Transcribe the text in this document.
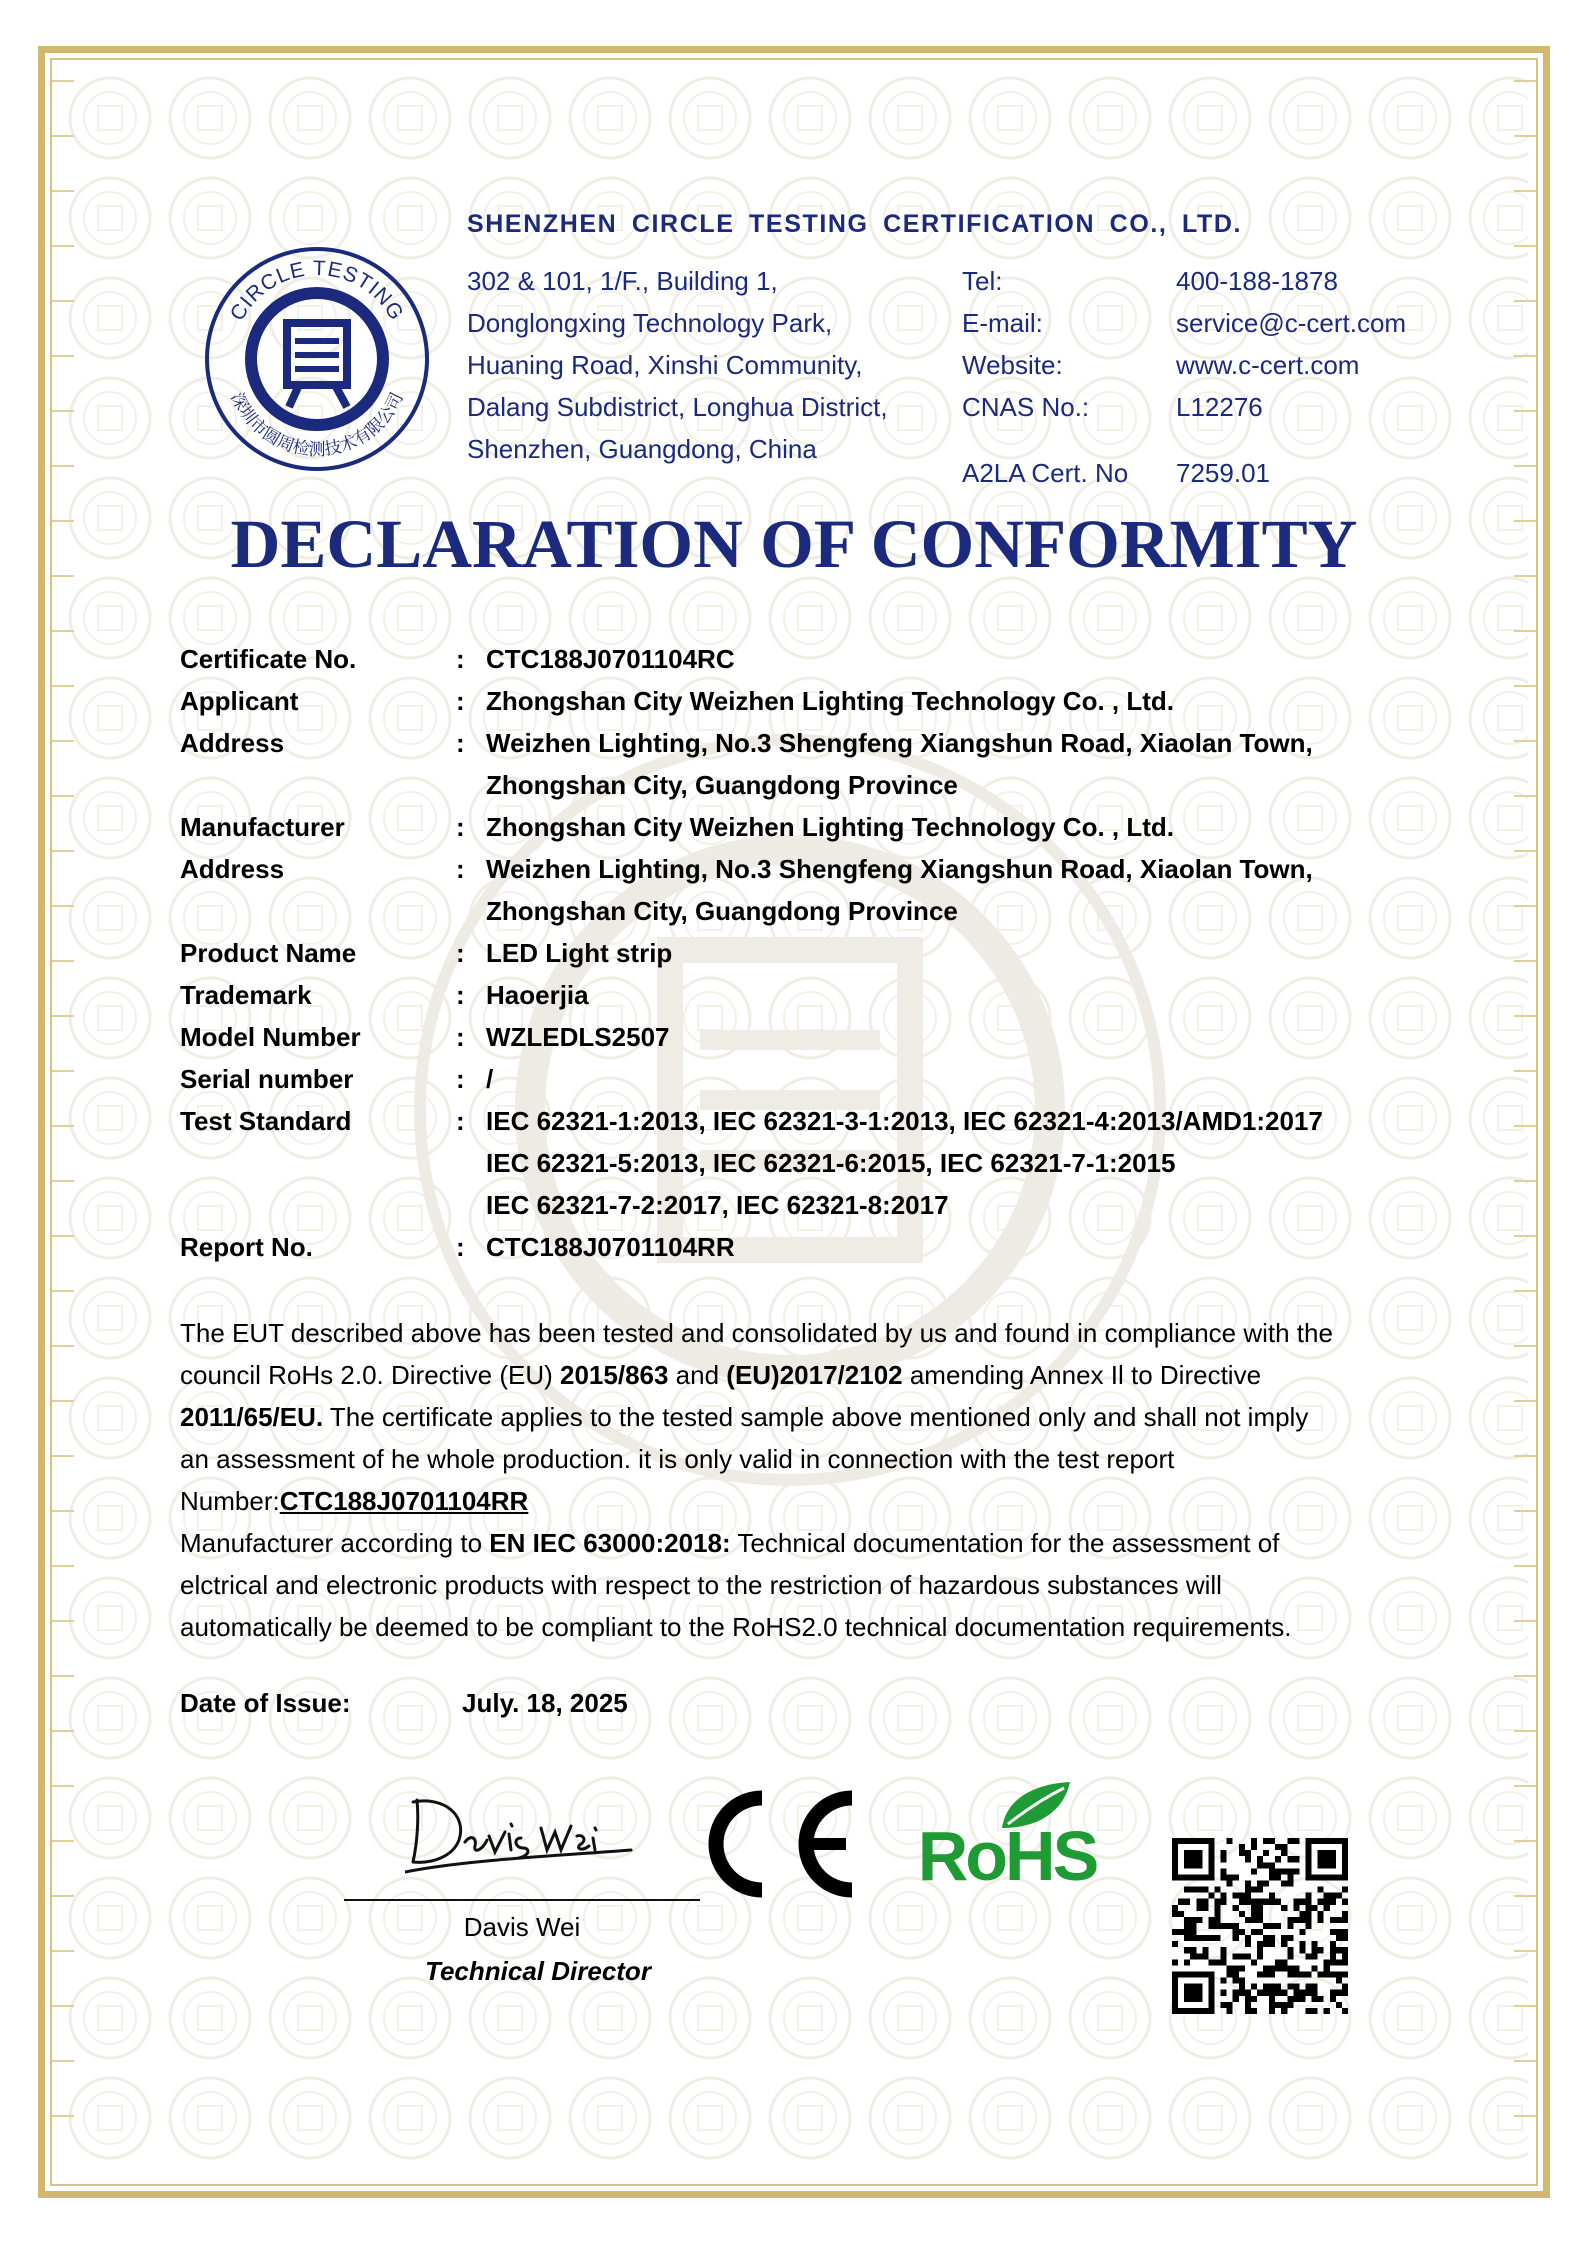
CIRCLE TESTING
深圳市圆周检测技术有限公司
SHENZHEN CIRCLE TESTING CERTIFICATION CO., LTD.
302 & 101, 1/F., Building 1,
Donglongxing Technology Park,
Huaning Road, Xinshi Community,
Dalang Subdistrict, Longhua District,
Shenzhen, Guangdong, China
Tel:	400-188-1878
E-mail:	service@c-cert.com
Website:	www.c-cert.com
CNAS No.:	L12276
A2LA Cert. No 7259.01
DECLARATION OF CONFORMITY
Certificate No.	: CTC188J0701104RC
Applicant	: Zhongshan City Weizhen Lighting Technology Co. , Ltd.
Address	: Weizhen Lighting, No.3 Shengfeng Xiangshun Road, Xiaolan Town,
Zhongshan City, Guangdong Province
Manufacturer	: Zhongshan City Weizhen Lighting Technology Co. , Ltd.
Address	: Weizhen Lighting, No.3 Shengfeng Xiangshun Road, Xiaolan Town,
Zhongshan City, Guangdong Province
Product Name	: LED Light strip
Trademark	: Haoerjia
Model Number	: WZLEDLS2507
Serial number	: /
Test Standard	: IEC 62321-1:2013, IEC 62321-3-1:2013, IEC 62321-4:2013/AMD1:2017
IEC 62321-5:2013, IEC 62321-6:2015, IEC 62321-7-1:2015
IEC 62321-7-2:2017, IEC 62321-8:2017
Report No.	: CTC188J0701104RR
The EUT described above has been tested and consolidated by us and found in compliance with the
council RoHs 2.0. Directive (EU) 2015/863 and (EU)2017/2102 amending Annex Il to Directive
2011/65/EU. The certificate applies to the tested sample above mentioned only and shall not imply
an assessment of he whole production. it is only valid in connection with the test report
Number:CTC188J0701104RR
Manufacturer according to EN IEC 63000:2018: Technical documentation for the assessment of
elctrical and electronic products with respect to the restriction of hazardous substances will
automatically be deemed to be compliant to the RoHS2.0 technical documentation requirements.
Date of Issue:	July. 18, 2025
Davis Wei
Technical Director
RoHS
